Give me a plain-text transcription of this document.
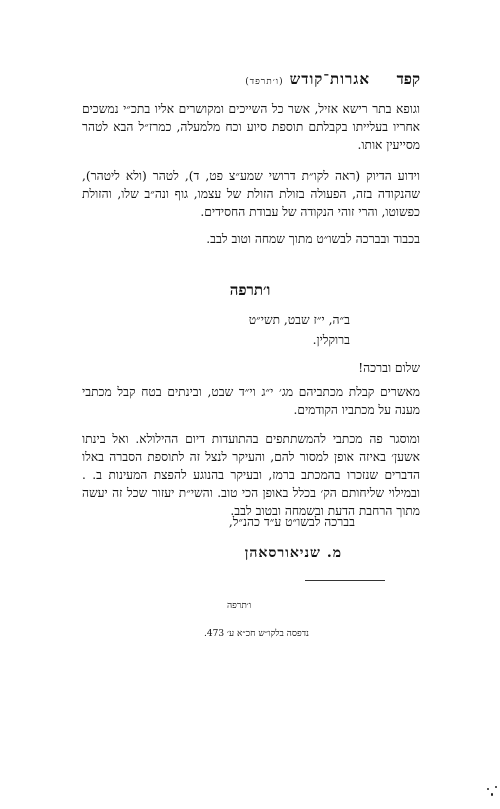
קפד
אגרות־קודש(ו׳תרפד)
וגופא בתר רישא אזיל, אשר כל השייכים ומקושרים אליו בתכ״י נמשכים אחריו בעלייתו בקבלתם תוספת סיוע וכח מלמעלה, כמרז״ל הבא לטהר מסייעין אותו.
וידוע הדיוק (ראה לקו״ת דרושי שמע״צ פט, ד), לטהר (ולא ליטהר), שהנקודה בזה, הפעולה בזולת הזולת של עצמו, גוף ונה״ב שלו, והזולת כפשוטו, והרי זוהי הנקודה של עבודת החסידים.
בכבוד ובברכה לבשו״ט מתוך שמחה וטוב לבב.
ו׳תרפה
ב״ה, י״ז שבט, תשי״ט
ברוקלין.
שלום וברכה!
מאשרים קבלת מכתביהם מג׳ י״ג וי״ד שבט, ובינתים בטח קבל מכתבי מענה על מכתביו הקודמים.
ומוסגר פה מכתבי להמשתתפים בהתועדות דיום ההילולא. ואל בינתו אשען׳ באיזה אופן למסור להם, והעיקר לנצל זה לתוספת הסברה באלו הדברים שנזכרו בהמכתב ברמז, ובעיקר בהנוגע להפצת המעינות ב. . ובמילוי שליחותם הק׳ בכלל באופן הכי טוב. והשי״ת יעזור שכל זה יעשה מתוך הרחבת הדעת ובשמחה ובטוב לבב.
בברכה לבשו״ט ע״ד כהנ״ל,
מ. שניאורסאהן
ו׳תרפה
נדפסה בלקו״ש חכ״א ע׳ 473.
